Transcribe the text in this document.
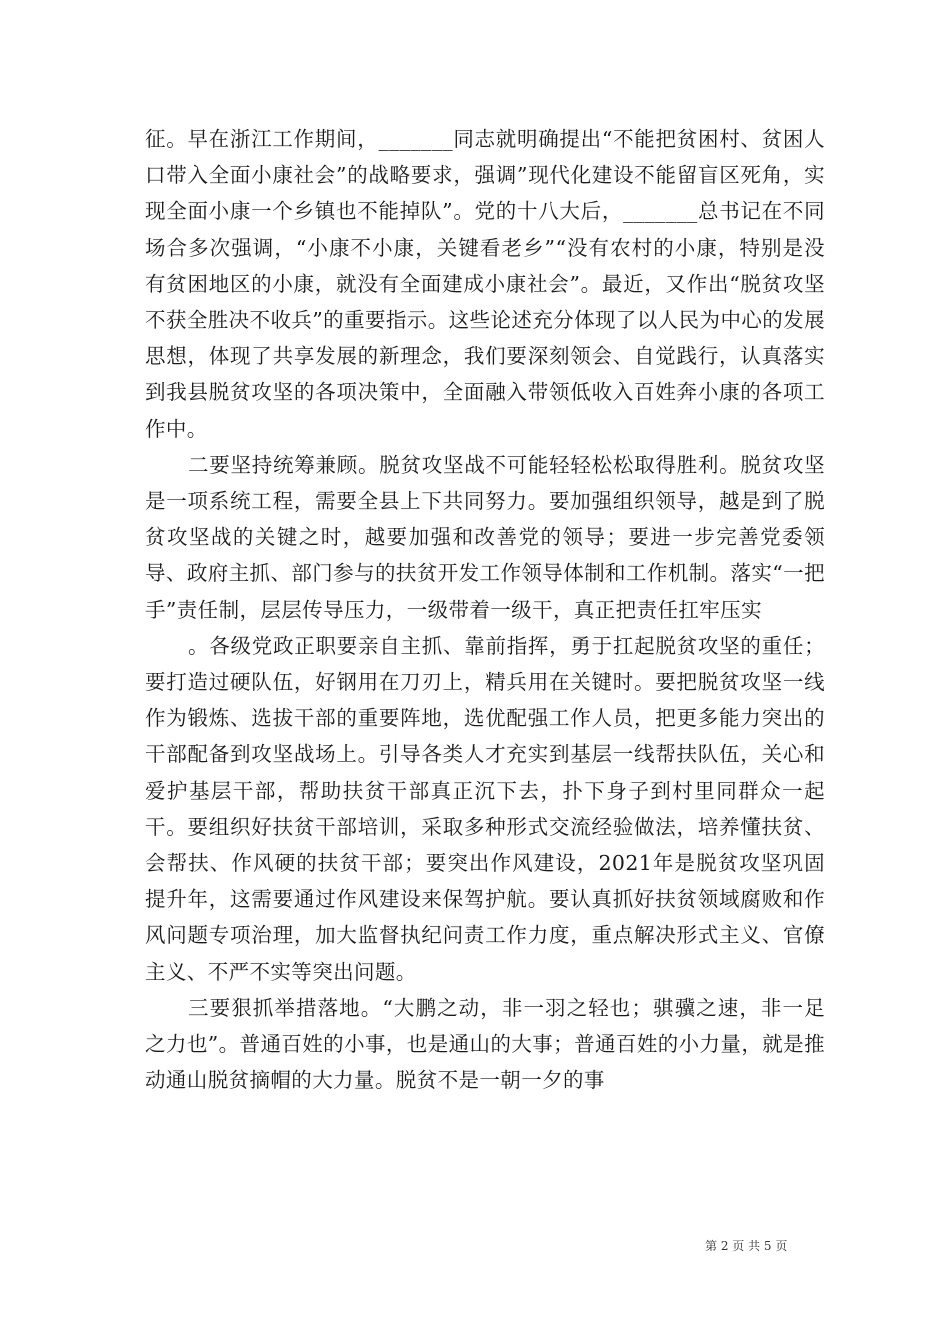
征。早在浙江工作期间，_______同志就明确提出“不能把贫困村、贫困人口带入全面小康社会”的战略要求，强调”现代化建设不能留盲区死角，实现全面小康一个乡镇也不能掉队”。党的十八大后，_______总书记在不同场合多次强调，“小康不小康，关键看老乡”“没有农村的小康，特别是没有贫困地区的小康，就没有全面建成小康社会”。最近，又作出“脱贫攻坚不获全胜决不收兵”的重要指示。这些论述充分体现了以人民为中心的发展思想，体现了共享发展的新理念，我们要深刻领会、自觉践行，认真落实到我县脱贫攻坚的各项决策中，全面融入带领低收入百姓奔小康的各项工作中。

二要坚持统筹兼顾。脱贫攻坚战不可能轻轻松松取得胜利。脱贫攻坚是一项系统工程，需要全县上下共同努力。要加强组织领导，越是到了脱贫攻坚战的关键之时，越要加强和改善党的领导；要进一步完善党委领导、政府主抓、部门参与的扶贫开发工作领导体制和工作机制。落实“一把手”责任制，层层传导压力，一级带着一级干，真正把责任扛牢压实

。各级党政正职要亲自主抓、靠前指挥，勇于扛起脱贫攻坚的重任；要打造过硬队伍，好钢用在刀刃上，精兵用在关键时。要把脱贫攻坚一线作为锻炼、选拔干部的重要阵地，选优配强工作人员，把更多能力突出的干部配备到攻坚战场上。引导各类人才充实到基层一线帮扶队伍，关心和爱护基层干部，帮助扶贫干部真正沉下去，扑下身子到村里同群众一起干。要组织好扶贫干部培训，采取多种形式交流经验做法，培养懂扶贫、会帮扶、作风硬的扶贫干部；要突出作风建设，2021年是脱贫攻坚巩固提升年，这需要通过作风建设来保驾护航。要认真抓好扶贫领域腐败和作风问题专项治理，加大监督执纪问责工作力度，重点解决形式主义、官僚主义、不严不实等突出问题。

三要狠抓举措落地。“大鹏之动，非一羽之轻也；骐骥之速，非一足之力也”。普通百姓的小事，也是通山的大事；普通百姓的小力量，就是推动通山脱贫摘帽的大力量。脱贫不是一朝一夕的事

第 2 页 共 5 页
